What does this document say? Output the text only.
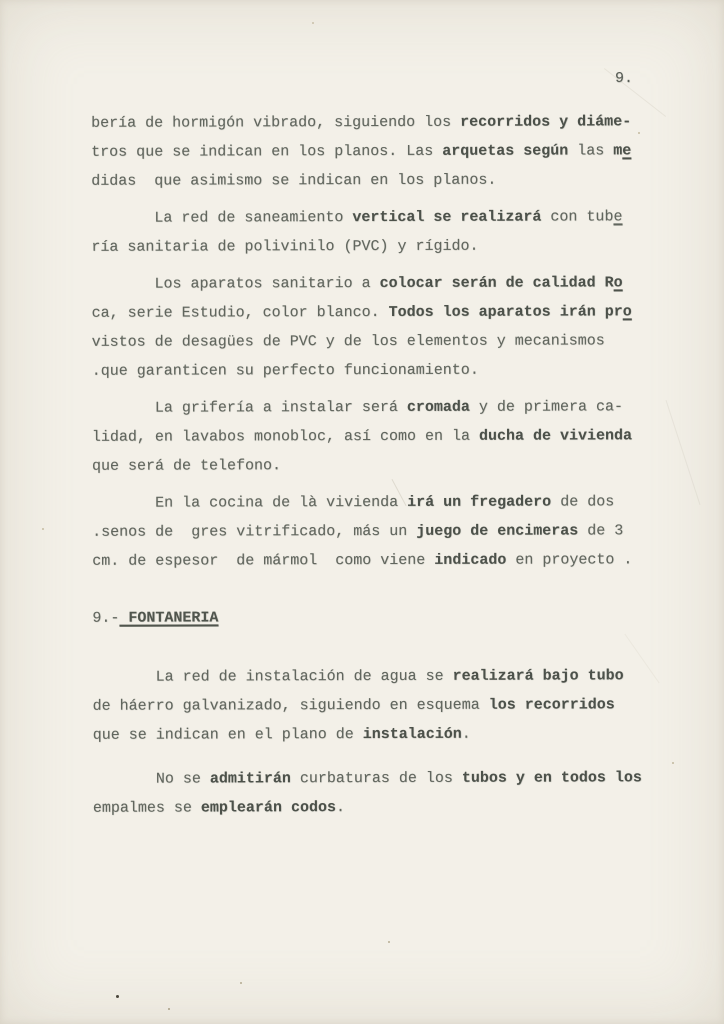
9.
bería de hormigón vibrado, siguiendo los recorridos y diáme-
tros que se indican en los planos. Las arquetas según las me
didas  que asimismo se indican en los planos.
La red de saneamiento vertical se realizará con tube
ría sanitaria de polivinilo (PVC) y rígido.
Los aparatos sanitario a colocar serán de calidad Ro
ca, serie Estudio, color blanco. Todos los aparatos irán pro
vistos de desagües de PVC y de los elementos y mecanismos
.que garanticen su perfecto funcionamiento.
La grifería a instalar será cromada y de primera ca-
lidad, en lavabos monobloc, así como en la ducha de vivienda
que será de telefono.
En la cocina de là vivienda irá un fregadero de dos
.senos de  gres vitrificado, más un juego de encimeras de 3
cm. de espesor  de mármol  como viene indicado en proyecto .
9.- FONTANERIA
La red de instalación de agua se realizará bajo tubo
de háerro galvanizado, siguiendo en esquema los recorridos
que se indican en el plano de instalación.
No se admitirán curbaturas de los tubos y en todos los
empalmes se emplearán codos.
